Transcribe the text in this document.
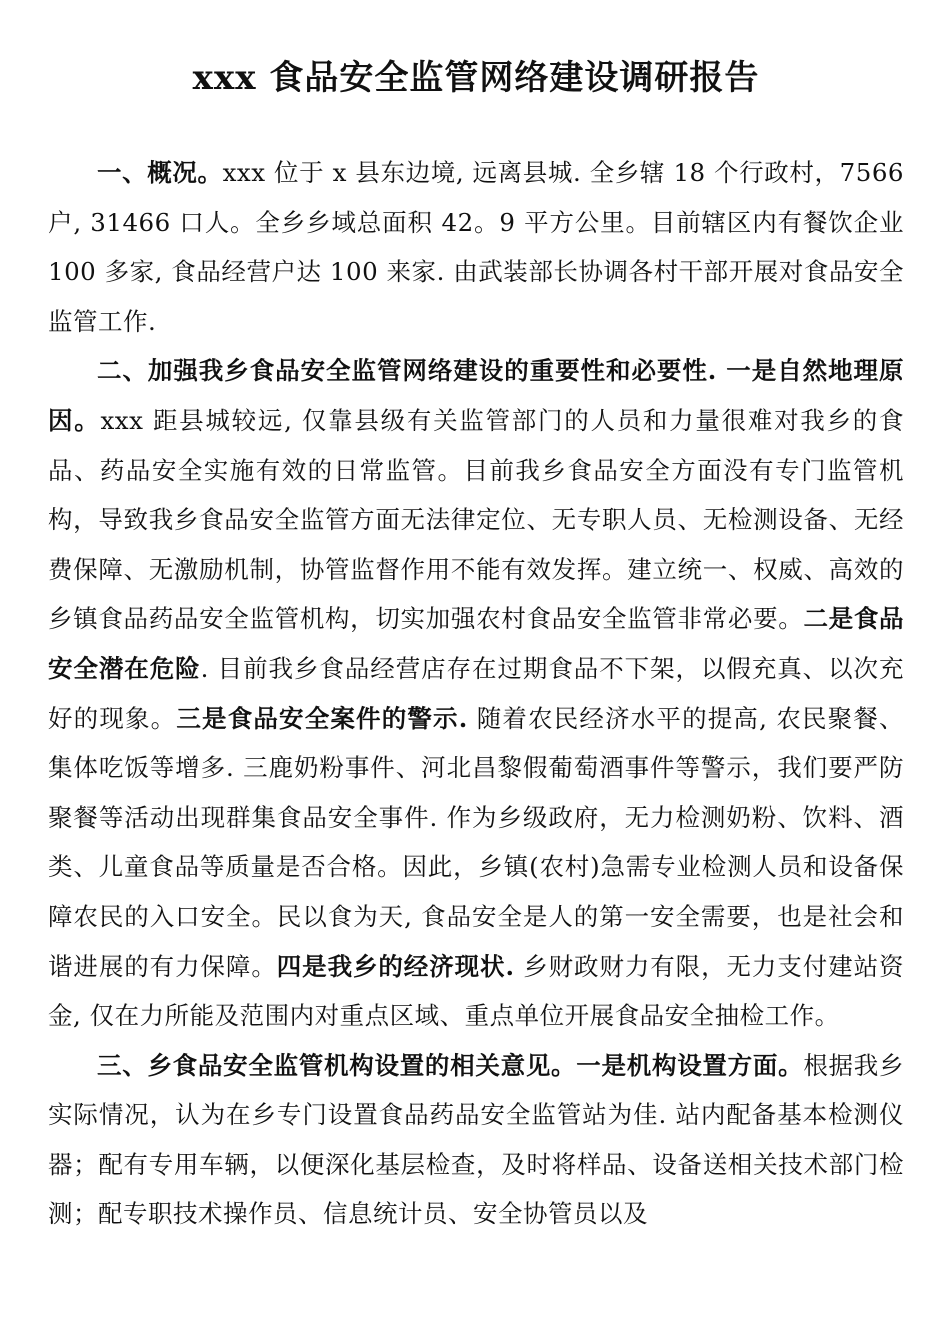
xxx 食品安全监管网络建设调研报告

一、概况。xxx 位于 x 县东边境, 远离县城. 全乡辖 18 个行政村，7566 户, 31466 口人。全乡乡域总面积 42。9 平方公里。目前辖区内有餐饮企业 100 多家, 食品经营户达 100 来家. 由武装部长协调各村干部开展对食品安全监管工作.

二、加强我乡食品安全监管网络建设的重要性和必要性. 一是自然地理原因。xxx 距县城较远, 仅靠县级有关监管部门的人员和力量很难对我乡的食品、药品安全实施有效的日常监管。目前我乡食品安全方面没有专门监管机构，导致我乡食品安全监管方面无法律定位、无专职人员、无检测设备、无经费保障、无激励机制，协管监督作用不能有效发挥。建立统一、权威、高效的乡镇食品药品安全监管机构，切实加强农村食品安全监管非常必要。二是食品安全潜在危险. 目前我乡食品经营店存在过期食品不下架，以假充真、以次充好的现象。三是食品安全案件的警示. 随着农民经济水平的提高, 农民聚餐、集体吃饭等增多. 三鹿奶粉事件、河北昌黎假葡萄酒事件等警示，我们要严防聚餐等活动出现群集食品安全事件. 作为乡级政府，无力检测奶粉、饮料、酒类、儿童食品等质量是否合格。因此，乡镇(农村)急需专业检测人员和设备保障农民的入口安全。民以食为天, 食品安全是人的第一安全需要，也是社会和谐进展的有力保障。四是我乡的经济现状. 乡财政财力有限，无力支付建站资金, 仅在力所能及范围内对重点区域、重点单位开展食品安全抽检工作。

三、乡食品安全监管机构设置的相关意见。一是机构设置方面。根据我乡实际情况，认为在乡专门设置食品药品安全监管站为佳. 站内配备基本检测仪器；配有专用车辆，以便深化基层检查，及时将样品、设备送相关技术部门检测；配专职技术操作员、信息统计员、安全协管员以及
